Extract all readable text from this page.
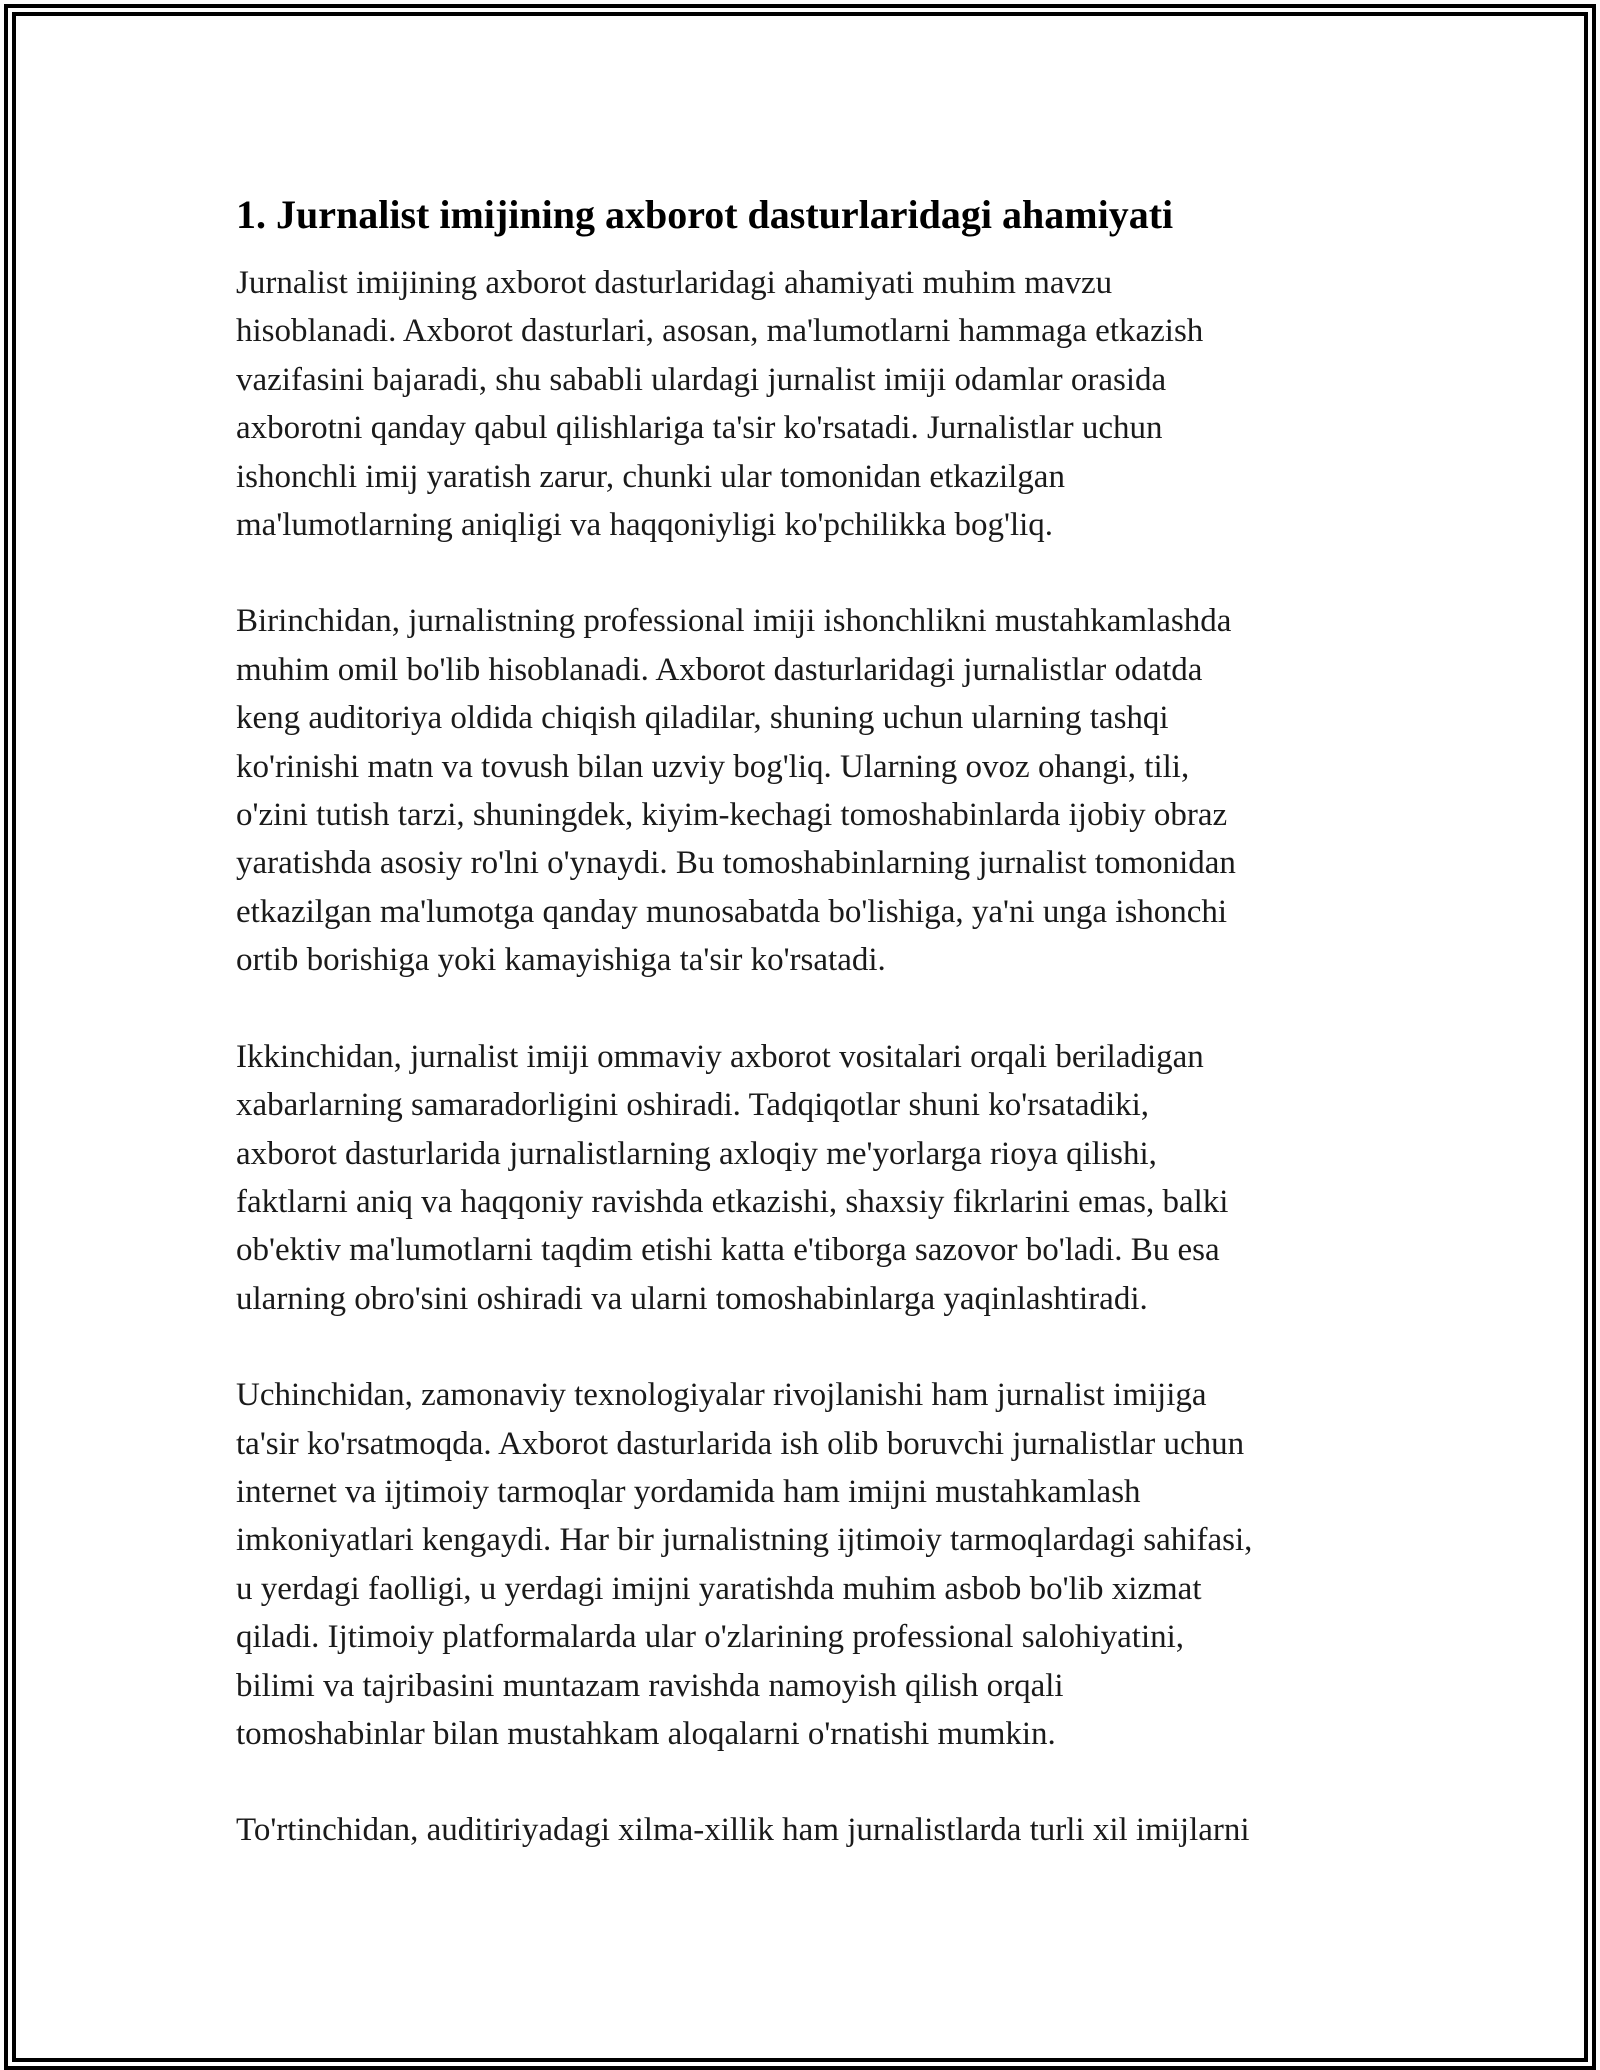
1. Jurnalist imijining axborot dasturlaridagi ahamiyati

Jurnalist imijining axborot dasturlaridagi ahamiyati muhim mavzu
hisoblanadi. Axborot dasturlari, asosan, ma'lumotlarni hammaga etkazish
vazifasini bajaradi, shu sababli ulardagi jurnalist imiji odamlar orasida
axborotni qanday qabul qilishlariga ta'sir ko'rsatadi. Jurnalistlar uchun
ishonchli imij yaratish zarur, chunki ular tomonidan etkazilgan
ma'lumotlarning aniqligi va haqqoniyligi ko'pchilikka bog'liq.

Birinchidan, jurnalistning professional imiji ishonchlikni mustahkamlashda
muhim omil bo'lib hisoblanadi. Axborot dasturlaridagi jurnalistlar odatda
keng auditoriya oldida chiqish qiladilar, shuning uchun ularning tashqi
ko'rinishi matn va tovush bilan uzviy bog'liq. Ularning ovoz ohangi, tili,
o'zini tutish tarzi, shuningdek, kiyim-kechagi tomoshabinlarda ijobiy obraz
yaratishda asosiy ro'lni o'ynaydi. Bu tomoshabinlarning jurnalist tomonidan
etkazilgan ma'lumotga qanday munosabatda bo'lishiga, ya'ni unga ishonchi
ortib borishiga yoki kamayishiga ta'sir ko'rsatadi.

Ikkinchidan, jurnalist imiji ommaviy axborot vositalari orqali beriladigan
xabarlarning samaradorligini oshiradi. Tadqiqotlar shuni ko'rsatadiki,
axborot dasturlarida jurnalistlarning axloqiy me'yorlarga rioya qilishi,
faktlarni aniq va haqqoniy ravishda etkazishi, shaxsiy fikrlarini emas, balki
ob'ektiv ma'lumotlarni taqdim etishi katta e'tiborga sazovor bo'ladi. Bu esa
ularning obro'sini oshiradi va ularni tomoshabinlarga yaqinlashtiradi.

Uchinchidan, zamonaviy texnologiyalar rivojlanishi ham jurnalist imijiga
ta'sir ko'rsatmoqda. Axborot dasturlarida ish olib boruvchi jurnalistlar uchun
internet va ijtimoiy tarmoqlar yordamida ham imijni mustahkamlash
imkoniyatlari kengaydi. Har bir jurnalistning ijtimoiy tarmoqlardagi sahifasi,
u yerdagi faolligi, u yerdagi imijni yaratishda muhim asbob bo'lib xizmat
qiladi. Ijtimoiy platformalarda ular o'zlarining professional salohiyatini,
bilimi va tajribasini muntazam ravishda namoyish qilish orqali
tomoshabinlar bilan mustahkam aloqalarni o'rnatishi mumkin.

To'rtinchidan, auditiriyadagi xilma-xillik ham jurnalistlarda turli xil imijlarni
